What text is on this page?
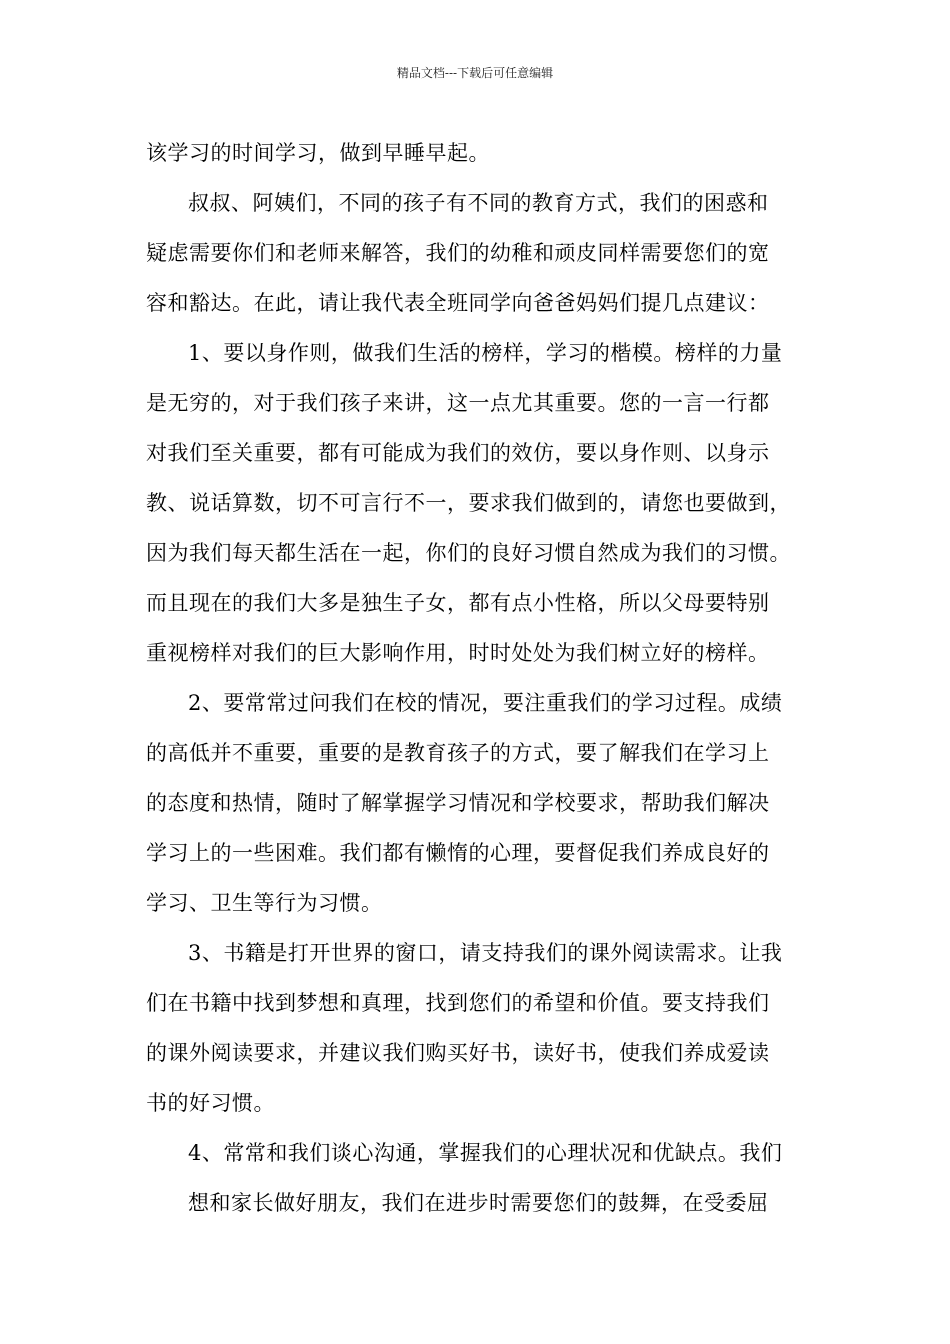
精品文档---下载后可任意编辑
该学习的时间学习，做到早睡早起。
叔叔、阿姨们，不同的孩子有不同的教育方式，我们的困惑和
疑虑需要你们和老师来解答，我们的幼稚和顽皮同样需要您们的宽
容和豁达。在此，请让我代表全班同学向爸爸妈妈们提几点建议：
1、要以身作则，做我们生活的榜样，学习的楷模。榜样的力量
是无穷的，对于我们孩子来讲，这一点尤其重要。您的一言一行都
对我们至关重要，都有可能成为我们的效仿，要以身作则、以身示
教、说话算数，切不可言行不一，要求我们做到的，请您也要做到，
因为我们每天都生活在一起，你们的良好习惯自然成为我们的习惯。
而且现在的我们大多是独生子女，都有点小性格，所以父母要特别
重视榜样对我们的巨大影响作用，时时处处为我们树立好的榜样。
2、要常常过问我们在校的情况，要注重我们的学习过程。成绩
的高低并不重要，重要的是教育孩子的方式，要了解我们在学习上
的态度和热情，随时了解掌握学习情况和学校要求，帮助我们解决
学习上的一些困难。我们都有懒惰的心理，要督促我们养成良好的
学习、卫生等行为习惯。
3、书籍是打开世界的窗口，请支持我们的课外阅读需求。让我
们在书籍中找到梦想和真理，找到您们的希望和价值。要支持我们
的课外阅读要求，并建议我们购买好书，读好书，使我们养成爱读
书的好习惯。
4、常常和我们谈心沟通，掌握我们的心理状况和优缺点。我们
想和家长做好朋友，我们在进步时需要您们的鼓舞，在受委屈
